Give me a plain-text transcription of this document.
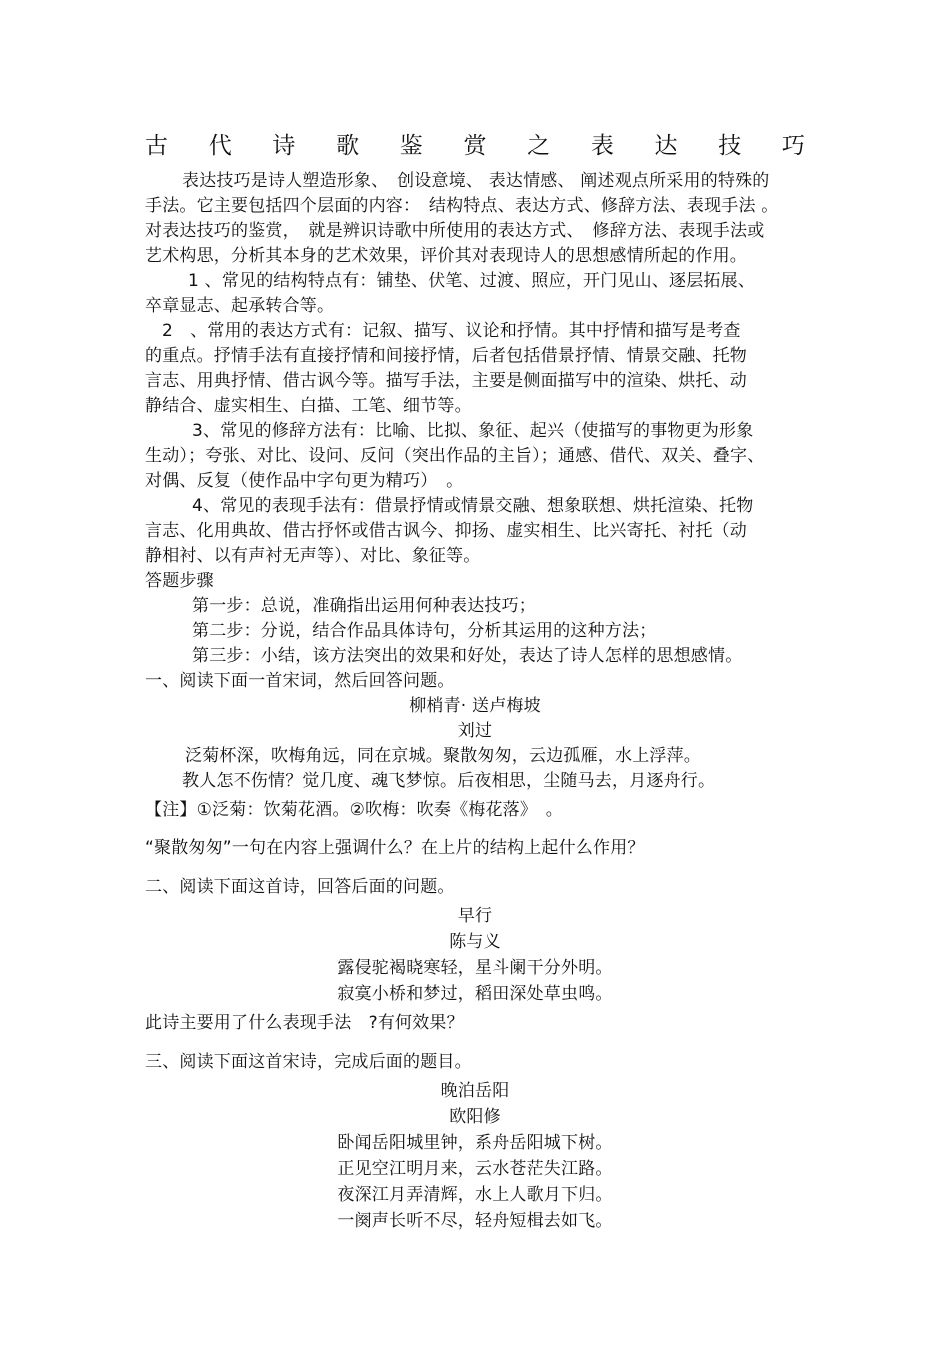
古 代 诗 歌 鉴 赏 之 表 达 技 巧
表达技巧是诗人塑造形象、　创设意境、 表达情感、 阐述观点所采用的特殊的
手法。它主要包括四个层面的内容：　结构特点、表达方式、修辞方法、表现手法 。
对表达技巧的鉴赏，　就是辨识诗歌中所使用的表达方式、　修辞方法、表现手法或
艺术构思，分析其本身的艺术效果，评价其对表现诗人的思想感情所起的作用。
1 、常见的结构特点有：铺垫、伏笔、过渡、照应，开门见山、逐层拓展、
卒章显志、起承转合等。
2　、常用的表达方式有：记叙、描写、议论和抒情。其中抒情和描写是考查
的重点。抒情手法有直接抒情和间接抒情，后者包括借景抒情、情景交融、托物
言志、用典抒情、借古讽今等。描写手法，主要是侧面描写中的渲染、烘托、动
静结合、虚实相生、白描、工笔、细节等。
3、常见的修辞方法有：比喻、比拟、象征、起兴（使描写的事物更为形象
生动）；夸张、对比、设问、反问（突出作品的主旨）；通感、借代、双关、叠字、
对偶、反复（使作品中字句更为精巧）　。
4、常见的表现手法有：借景抒情或情景交融、想象联想、烘托渲染、托物
言志、化用典故、借古抒怀或借古讽今、抑扬、虚实相生、比兴寄托、衬托（动
静相衬、以有声衬无声等）、对比、象征等。
答题步骤
第一步：总说，准确指出运用何种表达技巧；
第二步：分说，结合作品具体诗句，分析其运用的这种方法；
第三步：小结，该方法突出的效果和好处，表达了诗人怎样的思想感情。
一、阅读下面一首宋词，然后回答问题。
柳梢青· 送卢梅坡
刘过
泛菊杯深，吹梅角远，同在京城。聚散匆匆，云边孤雁，水上浮萍。
教人怎不伤情？觉几度、魂飞梦惊。后夜相思，尘随马去，月逐舟行。
【注】①泛菊：饮菊花酒。②吹梅：吹奏《梅花落》　。
“聚散匆匆”一句在内容上强调什么？在上片的结构上起什么作用？
二、阅读下面这首诗，回答后面的问题。
早行
陈与义
露侵驼褐晓寒轻，星斗阑干分外明。
寂寞小桥和梦过，稻田深处草虫鸣。
此诗主要用了什么表现手法　?有何效果？
三、阅读下面这首宋诗，完成后面的题目。
晚泊岳阳
欧阳修
卧闻岳阳城里钟，系舟岳阳城下树。
正见空江明月来，云水苍茫失江路。
夜深江月弄清辉，水上人歌月下归。
一阕声长听不尽，轻舟短楫去如飞。
